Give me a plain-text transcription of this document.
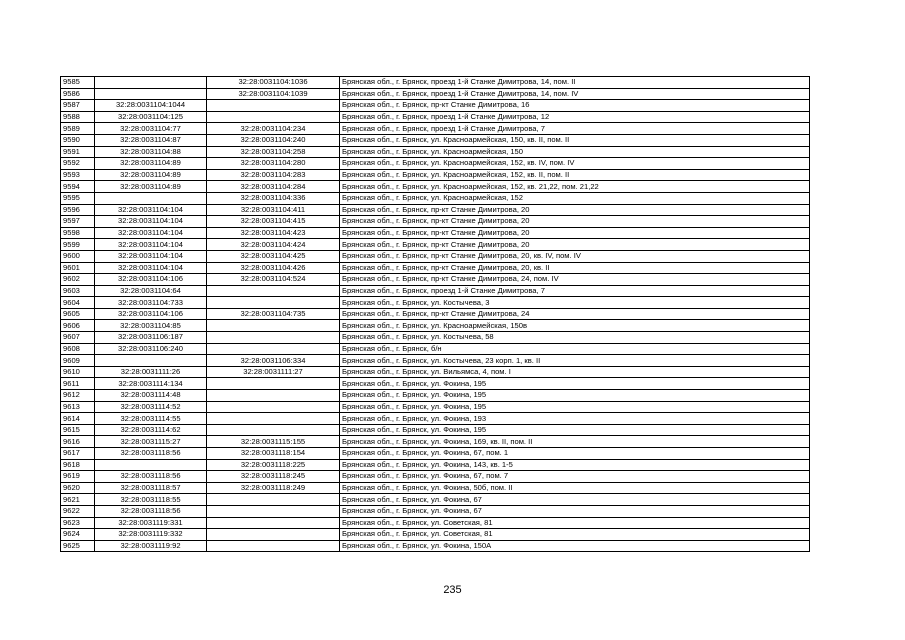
9585		32:28:0031104:1036	Брянская обл., г. Брянск, проезд 1-й Станке Димитрова, 14, пом. II
9586		32:28:0031104:1039	Брянская обл., г. Брянск, проезд 1-й Станке Димитрова, 14, пом. IV
9587	32:28:0031104:1044		Брянская обл., г. Брянск, пр-кт Станке Димитрова, 16
9588	32:28:0031104:125		Брянская обл., г. Брянск, проезд 1-й Станке Димитрова, 12
9589	32:28:0031104:77	32:28:0031104:234	Брянская обл., г. Брянск, проезд 1-й Станке Димитрова, 7
9590	32:28:0031104:87	32:28:0031104:240	Брянская обл., г. Брянск, ул. Красноармейская, 150, кв. II, пом. II
9591	32:28:0031104:88	32:28:0031104:258	Брянская обл., г. Брянск, ул. Красноармейская, 150
9592	32:28:0031104:89	32:28:0031104:280	Брянская обл., г. Брянск, ул. Красноармейская, 152, кв. IV, пом. IV
9593	32:28:0031104:89	32:28:0031104:283	Брянская обл., г. Брянск, ул. Красноармейская, 152, кв. II, пом. II
9594	32:28:0031104:89	32:28:0031104:284	Брянская обл., г. Брянск, ул. Красноармейская, 152, кв. 21,22, пом. 21,22
9595		32:28:0031104:336	Брянская обл., г. Брянск, ул. Красноармейская, 152
9596	32:28:0031104:104	32:28:0031104:411	Брянская обл., г. Брянск, пр-кт Станке Димитрова, 20
9597	32:28:0031104:104	32:28:0031104:415	Брянская обл., г. Брянск, пр-кт Станке Димитрова, 20
9598	32:28:0031104:104	32:28:0031104:423	Брянская обл., г. Брянск, пр-кт Станке Димитрова, 20
9599	32:28:0031104:104	32:28:0031104:424	Брянская обл., г. Брянск, пр-кт Станке Димитрова, 20
9600	32:28:0031104:104	32:28:0031104:425	Брянская обл., г. Брянск, пр-кт Станке Димитрова, 20, кв. IV, пом. IV
9601	32:28:0031104:104	32:28:0031104:426	Брянская обл., г. Брянск, пр-кт Станке Димитрова, 20, кв. II
9602	32:28:0031104:106	32:28:0031104:524	Брянская обл., г. Брянск, пр-кт Станке Димитрова, 24, пом. IV
9603	32:28:0031104:64		Брянская обл., г. Брянск, проезд 1-й Станке Димитрова, 7
9604	32:28:0031104:733		Брянская обл., г. Брянск, ул. Костычева, 3
9605	32:28:0031104:106	32:28:0031104:735	Брянская обл., г. Брянск, пр-кт Станке Димитрова, 24
9606	32:28:0031104:85		Брянская обл., г. Брянск, ул. Красноармейская, 150в
9607	32:28:0031106:187		Брянская обл., г. Брянск, ул. Костычева, 58
9608	32:28:0031106:240		Брянская обл., г. Брянск, б/н
9609		32:28:0031106:334	Брянская обл., г. Брянск, ул. Костычева, 23 корп. 1, кв. II
9610	32:28:0031111:26	32:28:0031111:27	Брянская обл., г. Брянск, ул. Вильямса, 4, пом. I
9611	32:28:0031114:134		Брянская обл., г. Брянск, ул. Фокина, 195
9612	32:28:0031114:48		Брянская обл., г. Брянск, ул. Фокина, 195
9613	32:28:0031114:52		Брянская обл., г. Брянск, ул. Фокина, 195
9614	32:28:0031114:55		Брянская обл., г. Брянск, ул. Фокина, 193
9615	32:28:0031114:62		Брянская обл., г. Брянск, ул. Фокина, 195
9616	32:28:0031115:27	32:28:0031115:155	Брянская обл., г. Брянск, ул. Фокина, 169, кв. II, пом. II
9617	32:28:0031118:56	32:28:0031118:154	Брянская обл., г. Брянск, ул. Фокина, 67, пом. 1
9618		32:28:0031118:225	Брянская обл., г. Брянск, ул. Фокина, 143, кв. 1-5
9619	32:28:0031118:56	32:28:0031118:245	Брянская обл., г. Брянск, ул. Фокина, 67, пом. 7
9620	32:28:0031118:57	32:28:0031118:249	Брянская обл., г. Брянск, ул. Фокина, 50б, пом. II
9621	32:28:0031118:55		Брянская обл., г. Брянск, ул. Фокина, 67
9622	32:28:0031118:56		Брянская обл., г. Брянск, ул. Фокина, 67
9623	32:28:0031119:331		Брянская обл., г. Брянск, ул. Советская, 81
9624	32:28:0031119:332		Брянская обл., г. Брянск, ул. Советская, 81
9625	32:28:0031119:92		Брянская обл., г. Брянск, ул. Фокина, 150А
235
